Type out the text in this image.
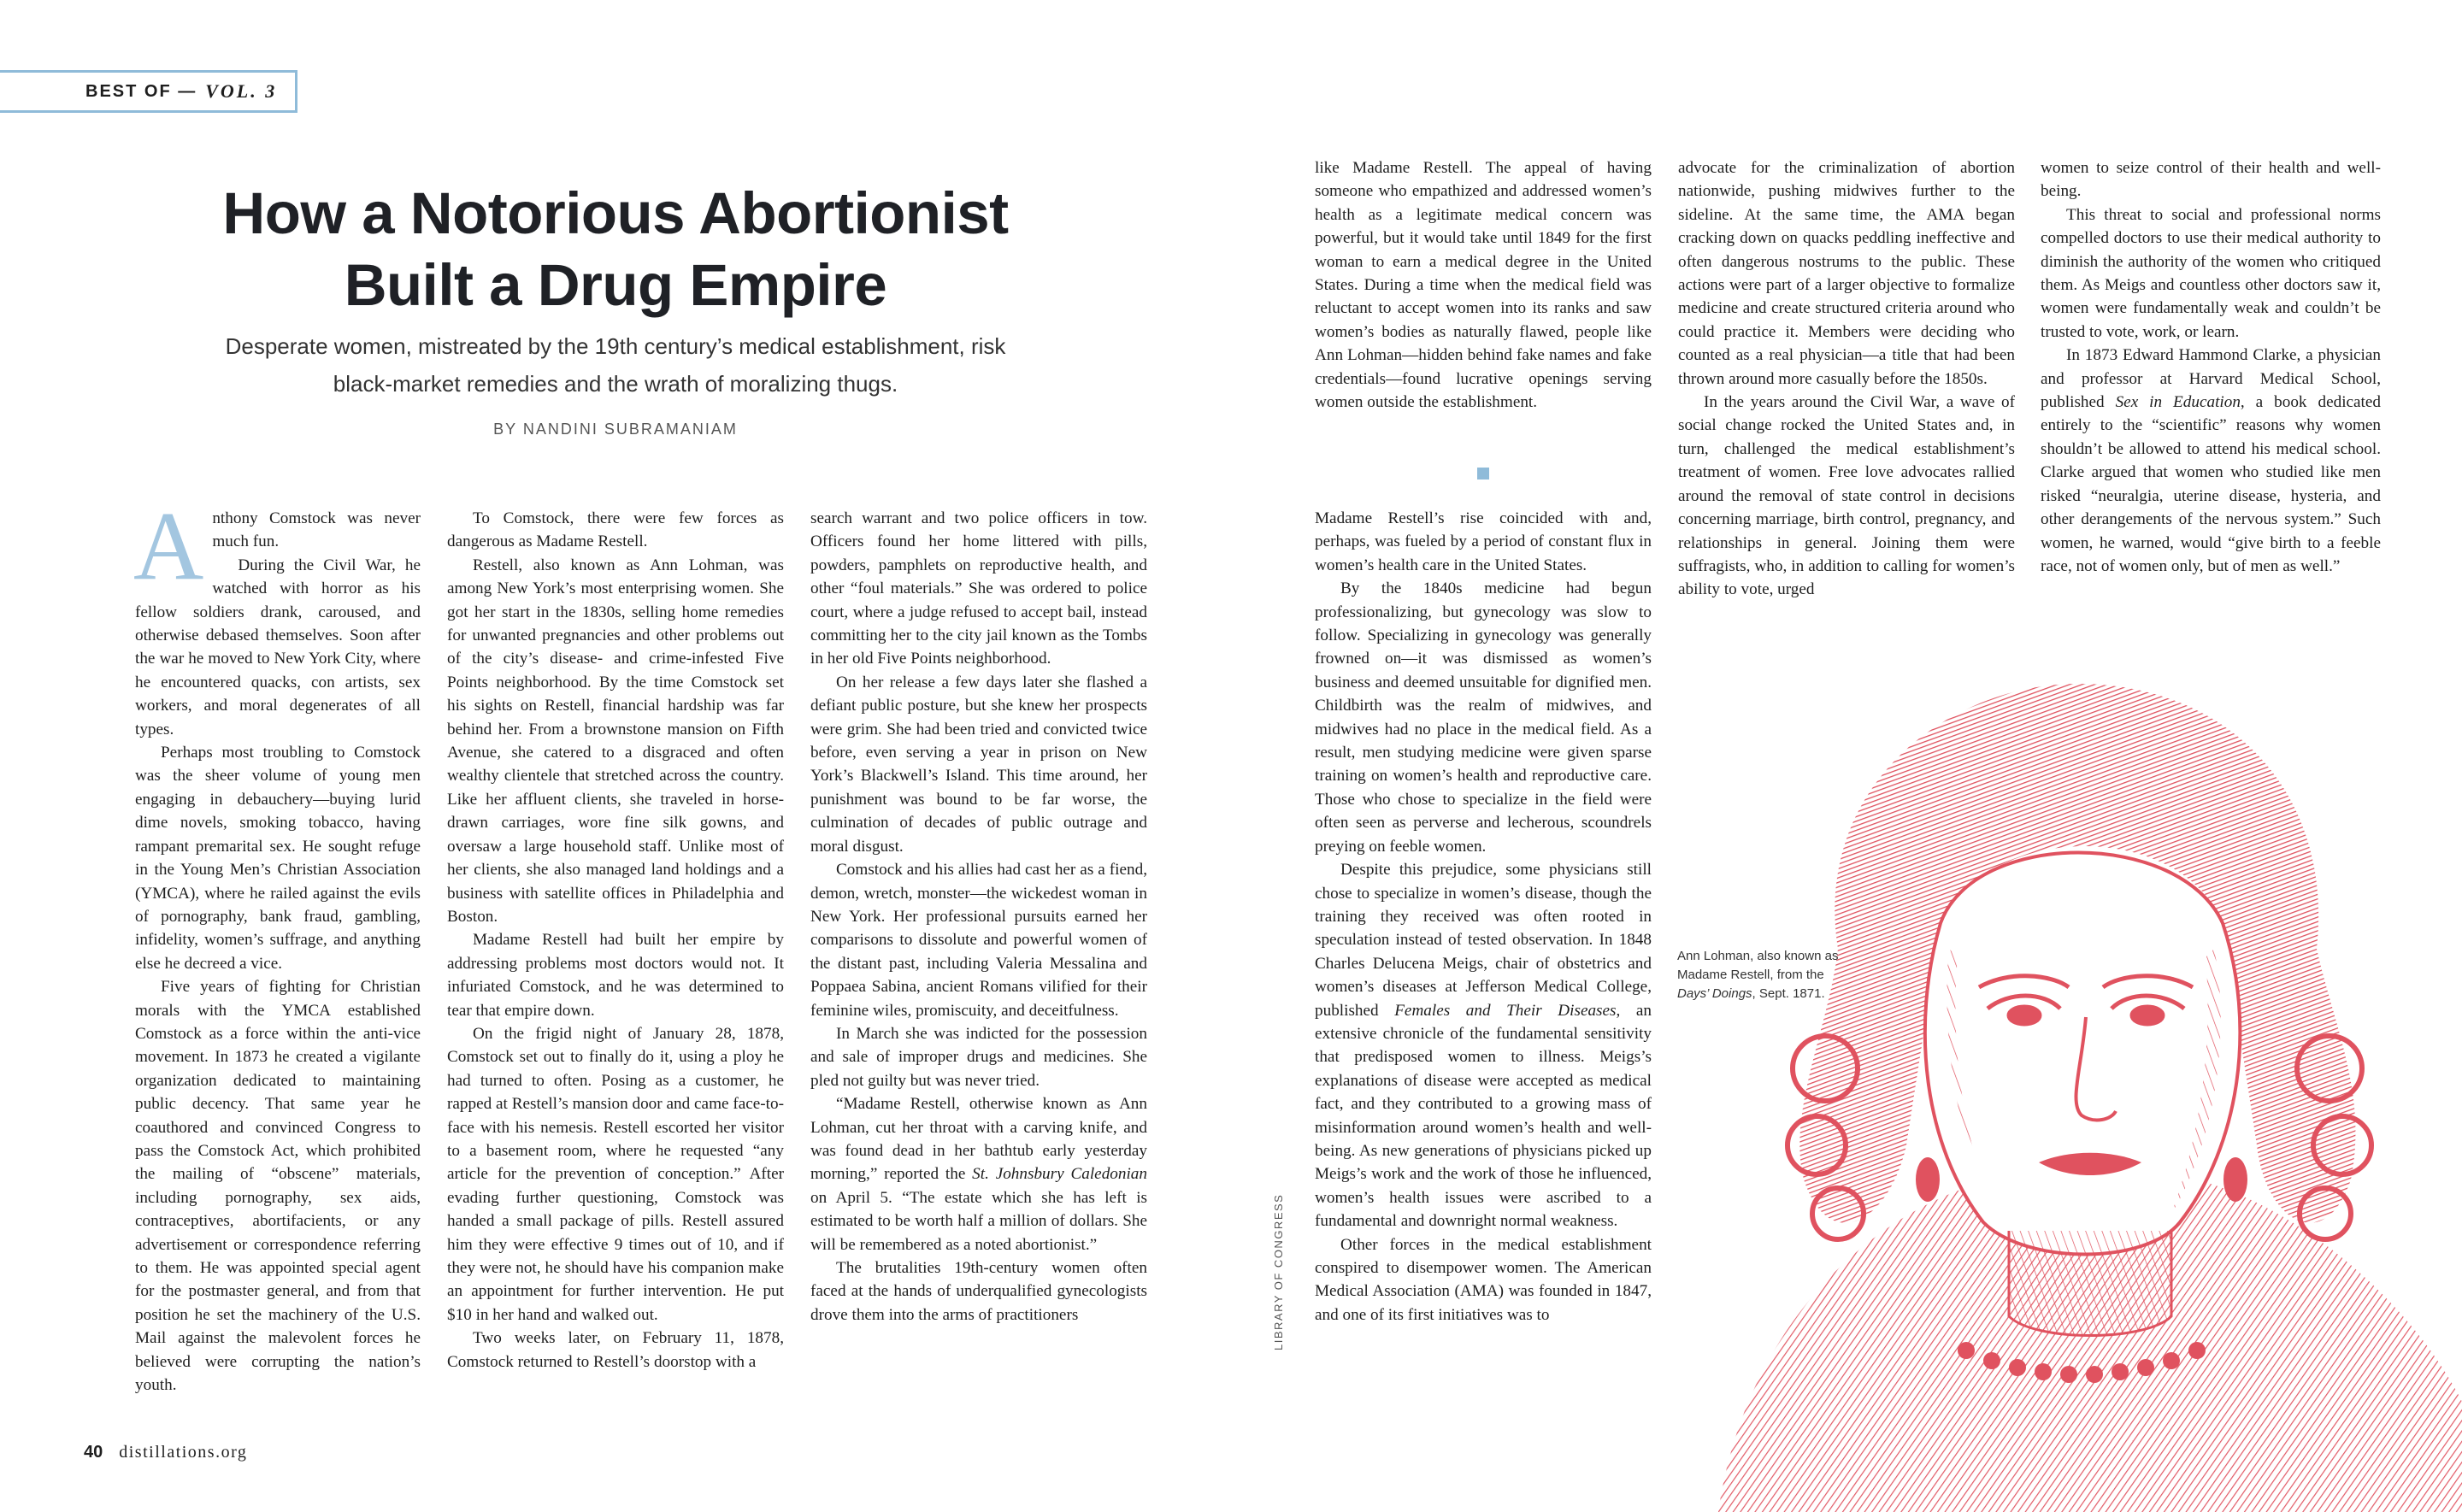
BEST OF — VOL. 3
How a Notorious Abortionist
Built a Drug Empire

Desperate women, mistreated by the 19th century’s medical establishment, risk
black-market remedies and the wrath of moralizing thugs.

BY NANDINI SUBRAMANIAM

Anthony Comstock was never much fun.

During the Civil War, he watched with horror as his fellow soldiers drank, caroused, and otherwise debased themselves. Soon after the war he moved to New York City, where he encountered quacks, con artists, sex workers, and moral degenerates of all types.

Perhaps most troubling to Comstock was the sheer volume of young men engaging in debauchery—buying lurid dime novels, smoking tobacco, having rampant premarital sex. He sought refuge in the Young Men’s Christian Association (YMCA), where he railed against the evils of pornography, bank fraud, gambling, infidelity, women’s suffrage, and anything else he decreed a vice.

Five years of fighting for Christian morals with the YMCA established Comstock as a force within the anti-vice movement. In 1873 he created a vigilante organization dedicated to maintaining public decency. That same year he coauthored and convinced Congress to pass the Comstock Act, which prohibited the mailing of “obscene” materials, including pornography, sex aids, contraceptives, abortifacients, or any advertisement or correspondence referring to them. He was appointed special agent for the postmaster general, and from that position he set the machinery of the U.S. Mail against the malevolent forces he believed were corrupting the nation’s youth.

To Comstock, there were few forces as dangerous as Madame Restell.

Restell, also known as Ann Lohman, was among New York’s most enterprising women. She got her start in the 1830s, selling home remedies for unwanted pregnancies and other problems out of the city’s disease- and crime-infested Five Points neighborhood. By the time Comstock set his sights on Restell, financial hardship was far behind her. From a brownstone mansion on Fifth Avenue, she catered to a disgraced and often wealthy clientele that stretched across the country. Like her affluent clients, she traveled in horse-drawn carriages, wore fine silk gowns, and oversaw a large household staff. Unlike most of her clients, she also managed land holdings and a business with satellite offices in Philadelphia and Boston.

Madame Restell had built her empire by addressing problems most doctors would not. It infuriated Comstock, and he was determined to tear that empire down.

On the frigid night of January 28, 1878, Comstock set out to finally do it, using a ploy he had turned to often. Posing as a customer, he rapped at Restell’s mansion door and came face-to-face with his nemesis. Restell escorted her visitor to a basement room, where he requested “any article for the prevention of conception.” After evading further questioning, Comstock was handed a small package of pills. Restell assured him they were effective 9 times out of 10, and if they were not, he should have his companion make an appointment for further intervention. He put $10 in her hand and walked out.

Two weeks later, on February 11, 1878, Comstock returned to Restell’s doorstop with a

search warrant and two police officers in tow. Officers found her home littered with pills, powders, pamphlets on reproductive health, and other “foul materials.” She was ordered to police court, where a judge refused to accept bail, instead committing her to the city jail known as the Tombs in her old Five Points neighborhood.

On her release a few days later she flashed a defiant public posture, but she knew her prospects were grim. She had been tried and convicted twice before, even serving a year in prison on New York’s Blackwell’s Island. This time around, her punishment was bound to be far worse, the culmination of decades of public outrage and moral disgust.

Comstock and his allies had cast her as a fiend, demon, wretch, monster—the wickedest woman in New York. Her professional pursuits earned her comparisons to dissolute and powerful women of the distant past, including Valeria Messalina and Poppaea Sabina, ancient Romans vilified for their feminine wiles, promiscuity, and deceitfulness.

In March she was indicted for the possession and sale of improper drugs and medicines. She pled not guilty but was never tried.

“Madame Restell, otherwise known as Ann Lohman, cut her throat with a carving knife, and was found dead in her bathtub early yesterday morning,” reported the St. Johnsbury Caledonian on April 5. “The estate which she has left is estimated to be worth half a million of dollars. She will be remembered as a noted abortionist.”

The brutalities 19th-century women often faced at the hands of underqualified gynecologists drove them into the arms of practitioners

like Madame Restell. The appeal of having someone who empathized and addressed women’s health as a legitimate medical concern was powerful, but it would take until 1849 for the first woman to earn a medical degree in the United States. During a time when the medical field was reluctant to accept women into its ranks and saw women’s bodies as naturally flawed, people like Ann Lohman—hidden behind fake names and fake credentials—found lucrative openings serving women outside the establishment.

Madame Restell’s rise coincided with and, perhaps, was fueled by a period of constant flux in women’s health care in the United States.

By the 1840s medicine had begun professionalizing, but gynecology was slow to follow. Specializing in gynecology was generally frowned on—it was dismissed as women’s business and deemed unsuitable for dignified men. Childbirth was the realm of midwives, and midwives had no place in the medical field. As a result, men studying medicine were given sparse training on women’s health and reproductive care. Those who chose to specialize in the field were often seen as perverse and lecherous, scoundrels preying on feeble women.

Despite this prejudice, some physicians still chose to specialize in women’s disease, though the training they received was often rooted in speculation instead of tested observation. In 1848 Charles Delucena Meigs, chair of obstetrics and women’s diseases at Jefferson Medical College, published Females and Their Diseases, an extensive chronicle of the fundamental sensitivity that predisposed women to illness. Meigs’s explanations of disease were accepted as medical fact, and they contributed to a growing mass of misinformation around women’s health and well-being. As new generations of physicians picked up Meigs’s work and the work of those he influenced, women’s health issues were ascribed to a fundamental and downright normal weakness.

Other forces in the medical establishment conspired to disempower women. The American Medical Association (AMA) was founded in 1847, and one of its first initiatives was to

advocate for the criminalization of abortion nationwide, pushing midwives further to the sideline. At the same time, the AMA began cracking down on quacks peddling ineffective and often dangerous nostrums to the public. These actions were part of a larger objective to formalize medicine and create structured criteria around who could practice it. Members were deciding who counted as a real physician—a title that had been thrown around more casually before the 1850s.

In the years around the Civil War, a wave of social change rocked the United States and, in turn, challenged the medical establishment’s treatment of women. Free love advocates rallied around the removal of state control in decisions concerning marriage, birth control, pregnancy, and relationships in general. Joining them were suffragists, who, in addition to calling for women’s ability to vote, urged

women to seize control of their health and well-being.

This threat to social and professional norms compelled doctors to use their medical authority to diminish the authority of the women who critiqued them. As Meigs and countless other doctors saw it, women were fundamentally weak and couldn’t be trusted to vote, work, or learn.

In 1873 Edward Hammond Clarke, a physician and professor at Harvard Medical School, published Sex in Education, a book dedicated entirely to the “scientific” reasons why women shouldn’t be allowed to attend his medical school. Clarke argued that women who studied like men risked “neuralgia, uterine disease, hysteria, and other derangements of the nervous system.” Such women, he warned, would “give birth to a feeble race, not of women only, but of men as well.”

LIBRARY OF CONGRESS
Ann Lohman, also known as Madame Restell, from the Days’ Doings, Sept. 1871.
40 distillations.org
